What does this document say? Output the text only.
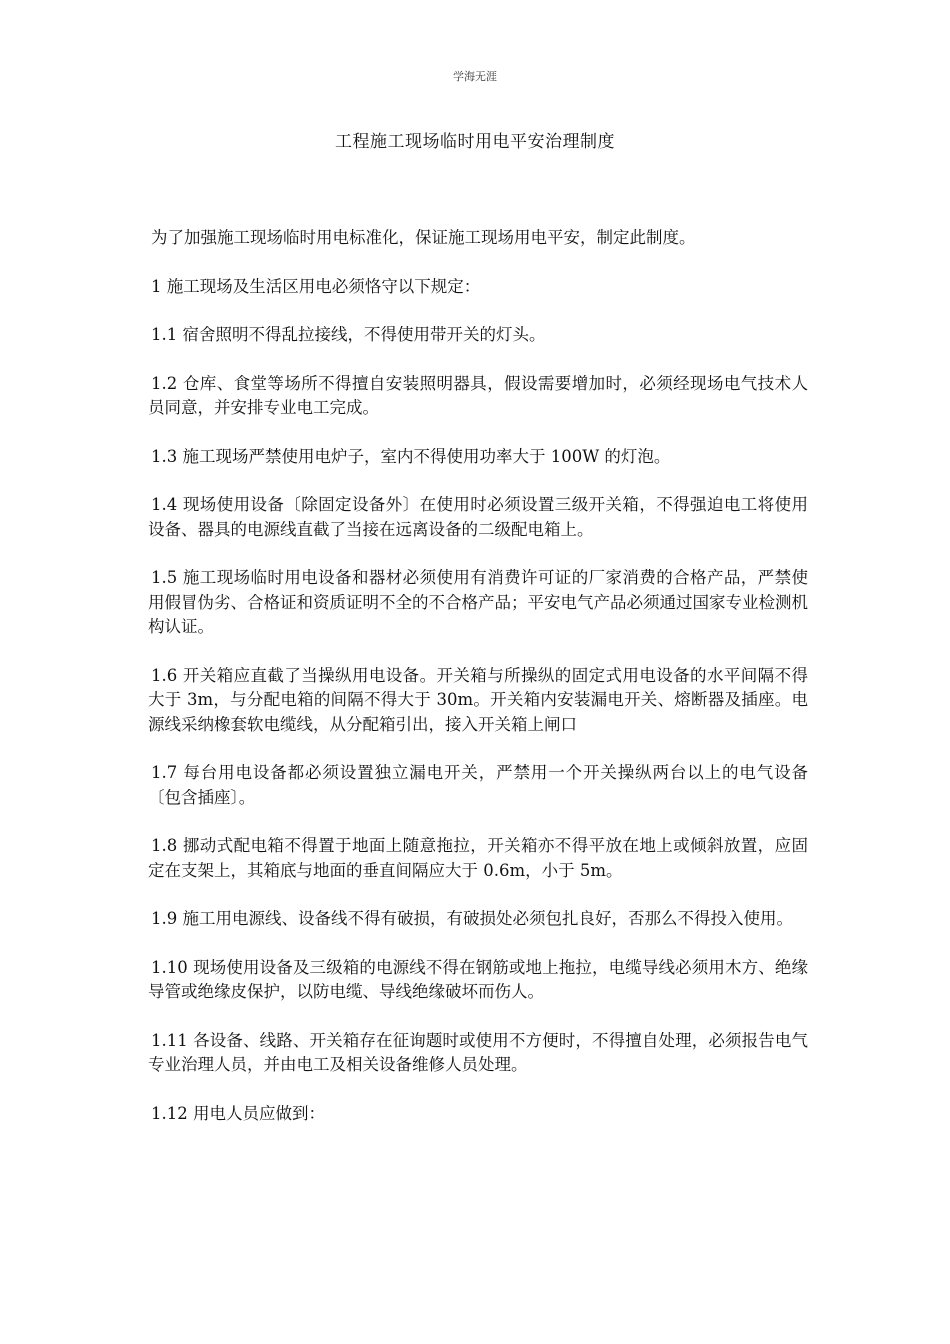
学海无涯
工程施工现场临时用电平安治理制度

为了加强施工现场临时用电标准化，保证施工现场用电平安，制定此制度。

1 施工现场及生活区用电必须恪守以下规定：

1.1 宿舍照明不得乱拉接线，不得使用带开关的灯头。

1.2 仓库、食堂等场所不得擅自安装照明器具，假设需要增加时，必须经现场电气技术人员同意，并安排专业电工完成。

1.3 施工现场严禁使用电炉子，室内不得使用功率大于 100W 的灯泡。

1.4 现场使用设备〔除固定设备外〕在使用时必须设置三级开关箱，不得强迫电工将使用设备、器具的电源线直截了当接在远离设备的二级配电箱上。

1.5 施工现场临时用电设备和器材必须使用有消费许可证的厂家消费的合格产品，严禁使用假冒伪劣、合格证和资质证明不全的不合格产品；平安电气产品必须通过国家专业检测机构认证。

1.6 开关箱应直截了当操纵用电设备。开关箱与所操纵的固定式用电设备的水平间隔不得大于 3m，与分配电箱的间隔不得大于 30m。开关箱内安装漏电开关、熔断器及插座。电源线采纳橡套软电缆线，从分配箱引出，接入开关箱上闸口

1.7 每台用电设备都必须设置独立漏电开关，严禁用一个开关操纵两台以上的电气设备〔包含插座〕。

1.8 挪动式配电箱不得置于地面上随意拖拉，开关箱亦不得平放在地上或倾斜放置，应固定在支架上，其箱底与地面的垂直间隔应大于 0.6m，小于 5m。

1.9 施工用电源线、设备线不得有破损，有破损处必须包扎良好，否那么不得投入使用。

1.10 现场使用设备及三级箱的电源线不得在钢筋或地上拖拉，电缆导线必须用木方、绝缘导管或绝缘皮保护，以防电缆、导线绝缘破坏而伤人。

1.11 各设备、线路、开关箱存在征询题时或使用不方便时，不得擅自处理，必须报告电气专业治理人员，并由电工及相关设备维修人员处理。

1.12 用电人员应做到：
